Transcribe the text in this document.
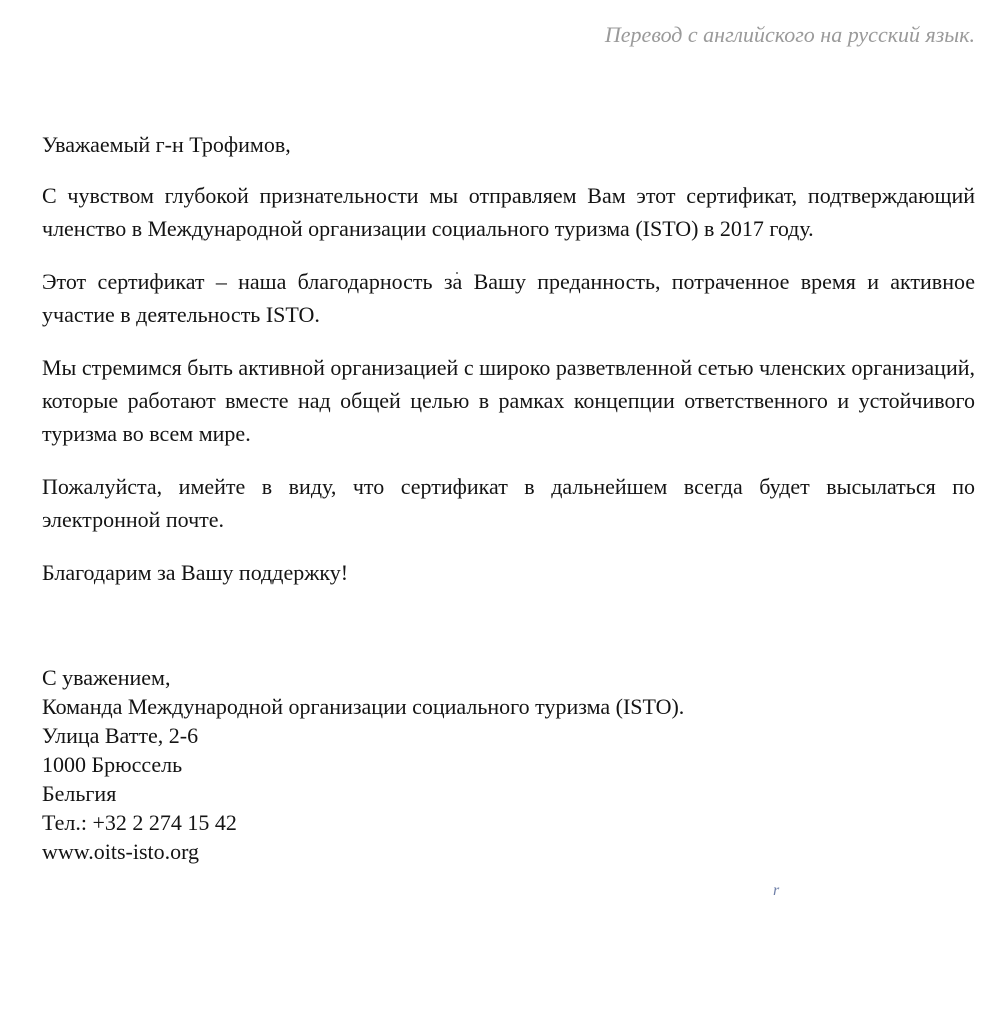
Перевод с английского на русский язык.

Уважаемый г-н Трофимов,

С чувством глубокой признательности мы отправляем Вам этот сертификат, подтверждающий членство в Международной организации социального туризма (ISTO) в 2017 году.

Этот сертификат – наша благодарность за Вашу преданность, потраченное время и активное участие в деятельность ISTO.

Мы стремимся быть активной организацией с широко разветвленной сетью членских организаций, которые работают вместе над общей целью в рамках концепции ответственного и устойчивого туризма во всем мире.

Пожалуйста, имейте в виду, что сертификат в дальнейшем всегда будет высылаться по электронной почте.

Благодарим за Вашу поддержку!

С уважением,
Команда Международной организации социального туризма (ISTO).
Улица Ватте, 2-6
1000 Брюссель
Бельгия
Тел.: +32 2 274 15 42
www.oits-isto.org
r
